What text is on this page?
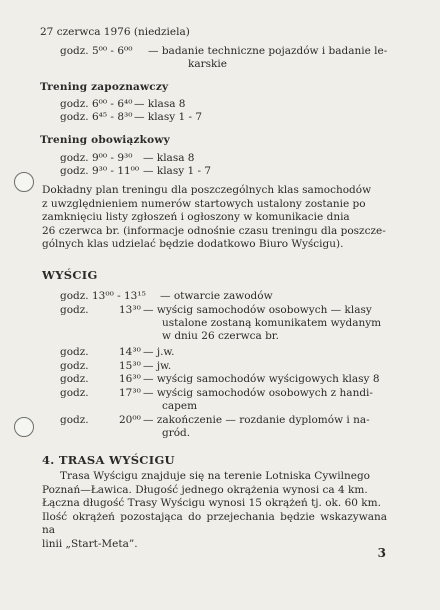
27 czerwca 1976 (niedziela)
godz. 5⁰⁰ - 6⁰⁰ — badanie techniczne pojazdów i badanie le-
karskie
Trening zapoznawczy
godz. 6⁰⁰ - 6⁴⁰ — klasa 8
godz. 6⁴⁵ - 8³⁰ — klasy 1 - 7
Trening obowiązkowy
godz. 9⁰⁰ - 9³⁰ — klasa 8
godz. 9³⁰ - 11⁰⁰ — klasy 1 - 7
Dokładny plan treningu dla poszczególnych klas samochodów
z uwzględnieniem numerów startowych ustalony zostanie po
zamknięciu listy zgłoszeń i ogłoszony w komunikacie dnia
26 czerwca br. (informacje odnośnie czasu treningu dla poszcze-
gólnych klas udzielać będzie dodatkowo Biuro Wyścigu).
WYŚCIG
godz. 13⁰⁰ - 13¹⁵ — otwarcie zawodów
godz.	13³⁰ — wyścig samochodów osobowych — klasy
ustalone zostaną komunikatem wydanym
w dniu 26 czerwca br.
godz.	14³⁰ — j.w.
godz.	15³⁰ — jw.
godz.	16³⁰ — wyścig samochodów wyścigowych klasy 8
godz.	17³⁰ — wyścig samochodów osobowych z handi-
capem
godz.	20⁰⁰ — zakończenie — rozdanie dyplomów i na-
gród.
4. TRASA WYŚCIGU
Trasa Wyścigu znajduje się na terenie Lotniska Cywilnego
Poznań—Ławica. Długość jednego okrążenia wynosi ca 4 km.
Łączna długość Trasy Wyścigu wynosi 15 okrążeń tj. ok. 60 km.
Ilość okrążeń pozostająca do przejechania będzie wskazywana na
linii „Start-Meta”.
3
